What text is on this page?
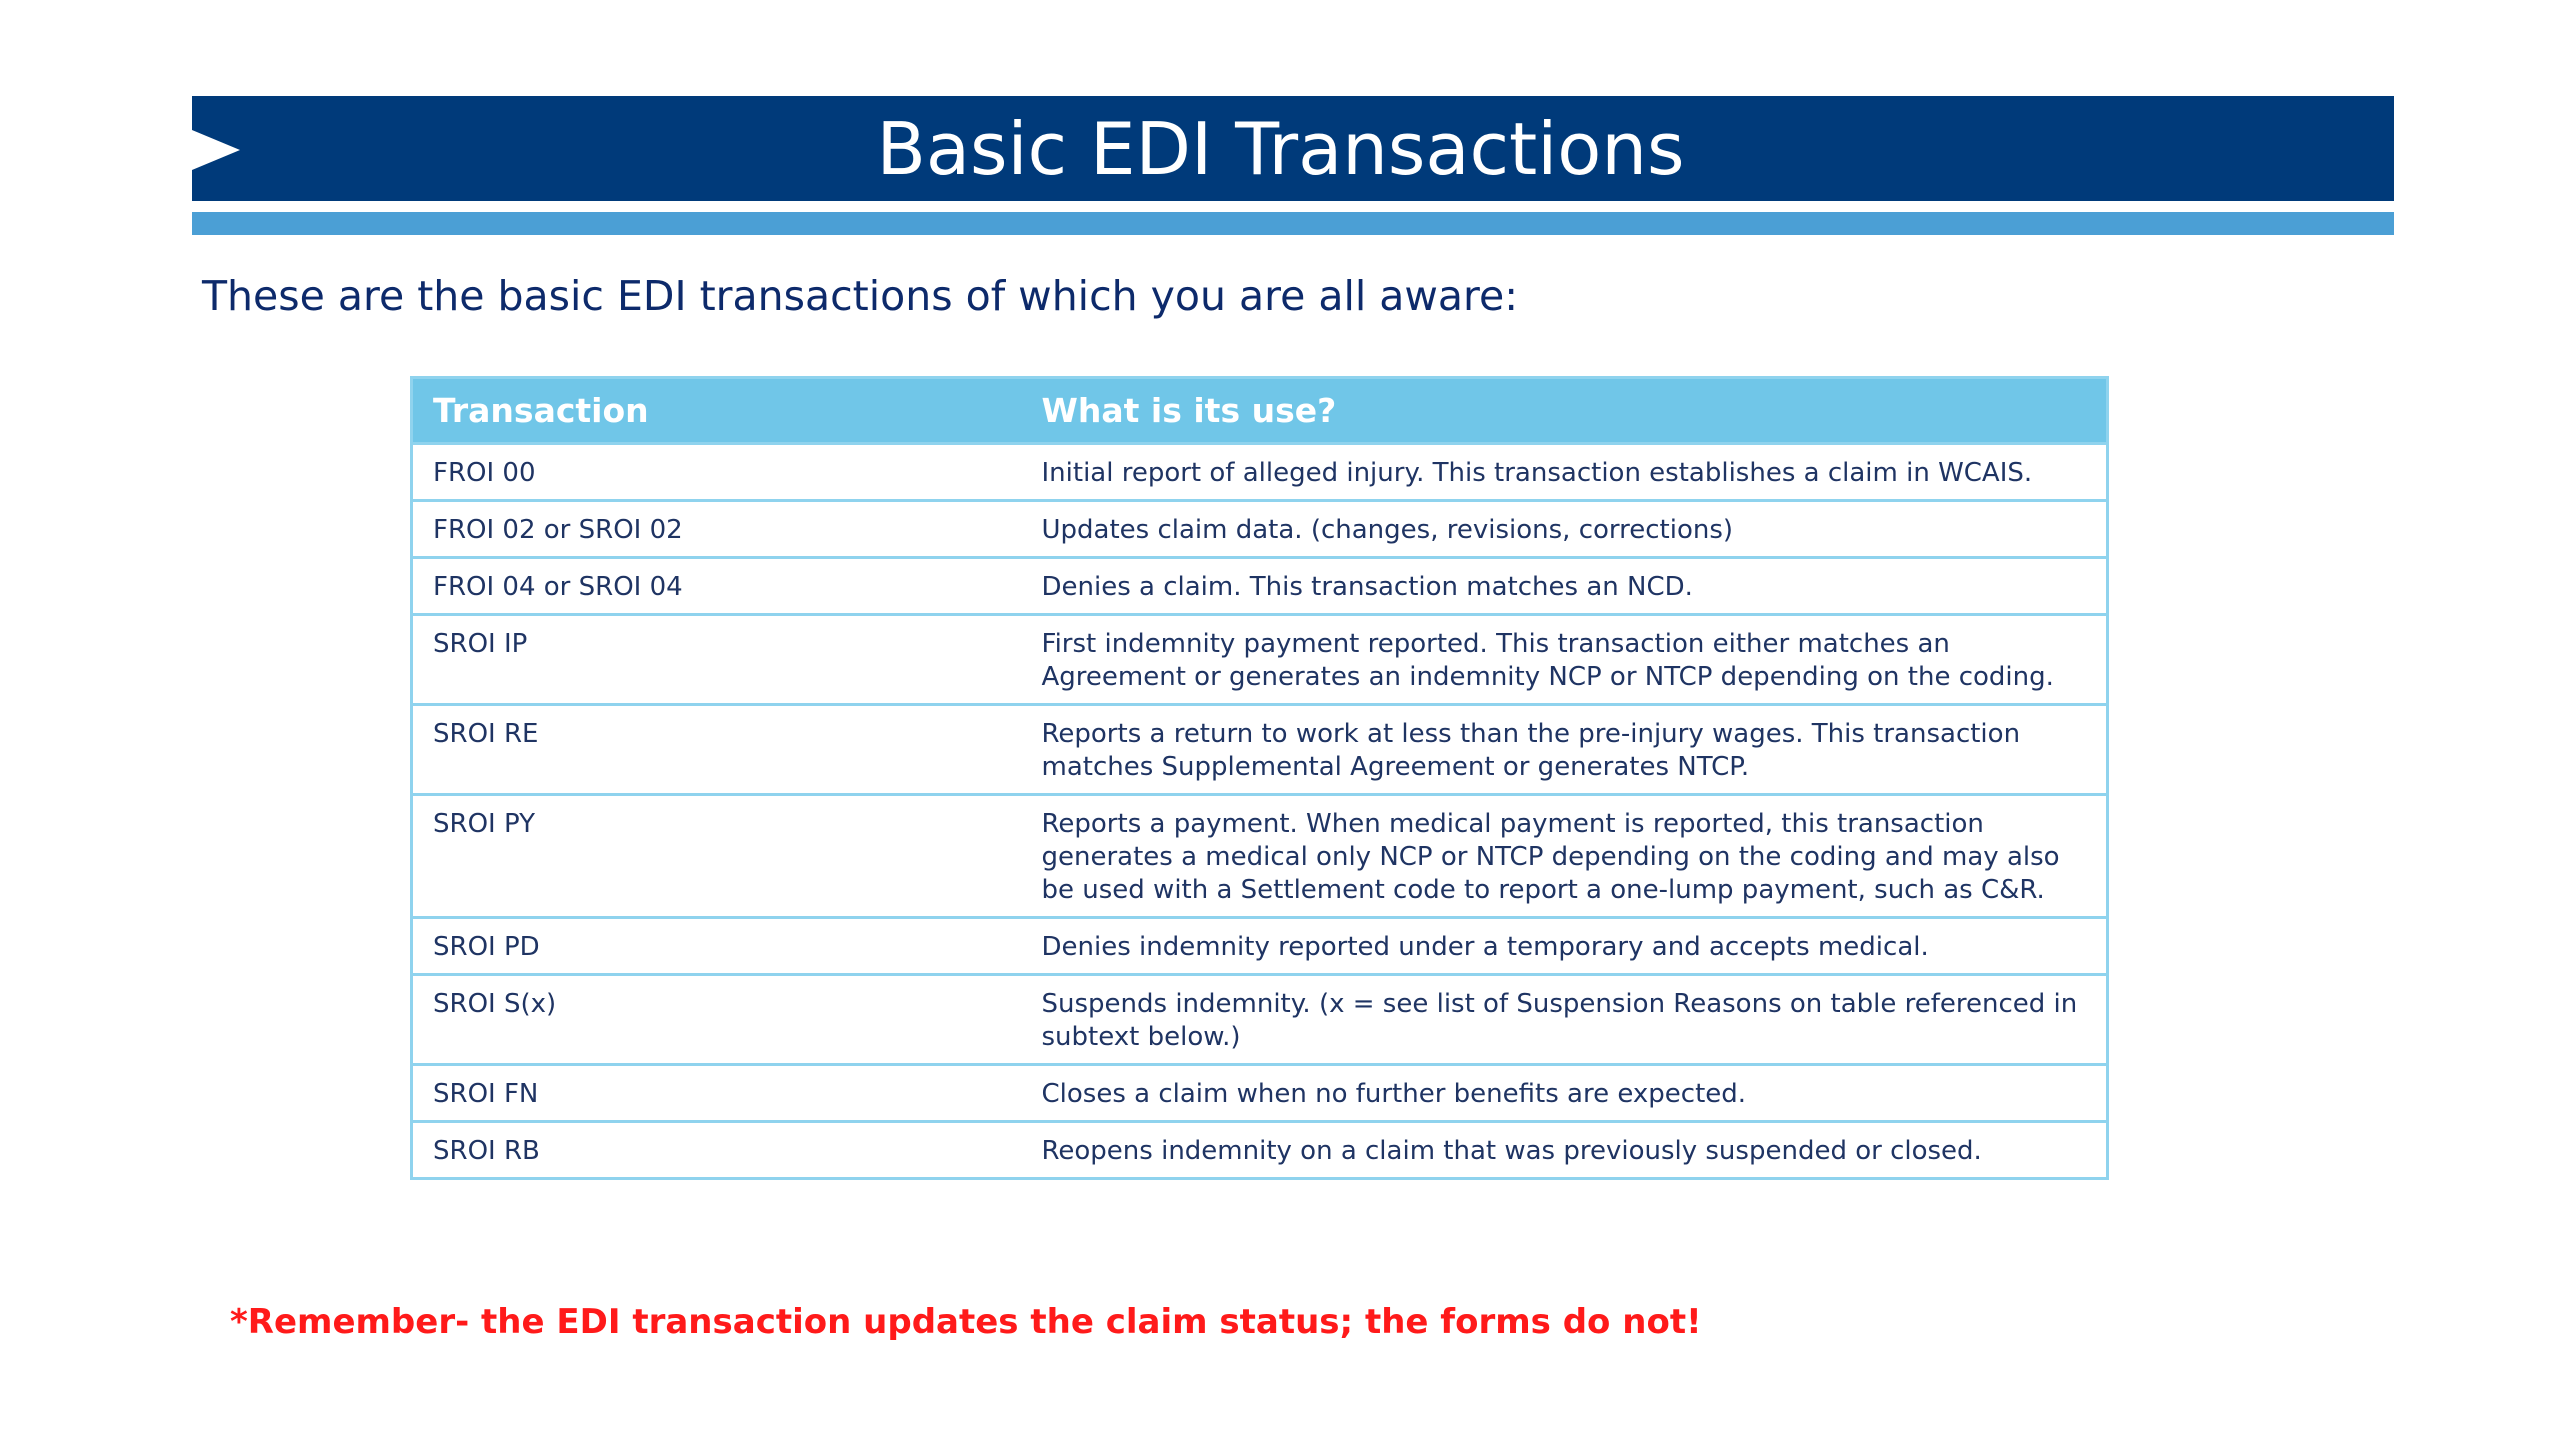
Basic EDI Transactions
These are the basic EDI transactions of which you are all aware:
Transaction	What is its use?
FROI 00	Initial report of alleged injury. This transaction establishes a claim in WCAIS.
FROI 02 or SROI 02	Updates claim data. (changes, revisions, corrections)
FROI 04 or SROI 04	Denies a claim. This transaction matches an NCD.
SROI IP	First indemnity payment reported. This transaction either matches an Agreement or generates an indemnity NCP or NTCP depending on the coding.
SROI RE	Reports a return to work at less than the pre-injury wages. This transaction matches Supplemental Agreement or generates NTCP.
SROI PY	Reports a payment. When medical payment is reported, this transaction generates a medical only NCP or NTCP depending on the coding and may also be used with a Settlement code to report a one-lump payment, such as C&R.
SROI PD	Denies indemnity reported under a temporary and accepts medical.
SROI S(x)	Suspends indemnity. (x = see list of Suspension Reasons on table referenced in subtext below.)
SROI FN	Closes a claim when no further benefits are expected.
SROI RB	Reopens indemnity on a claim that was previously suspended or closed.
*Remember- the EDI transaction updates the claim status; the forms do not!
